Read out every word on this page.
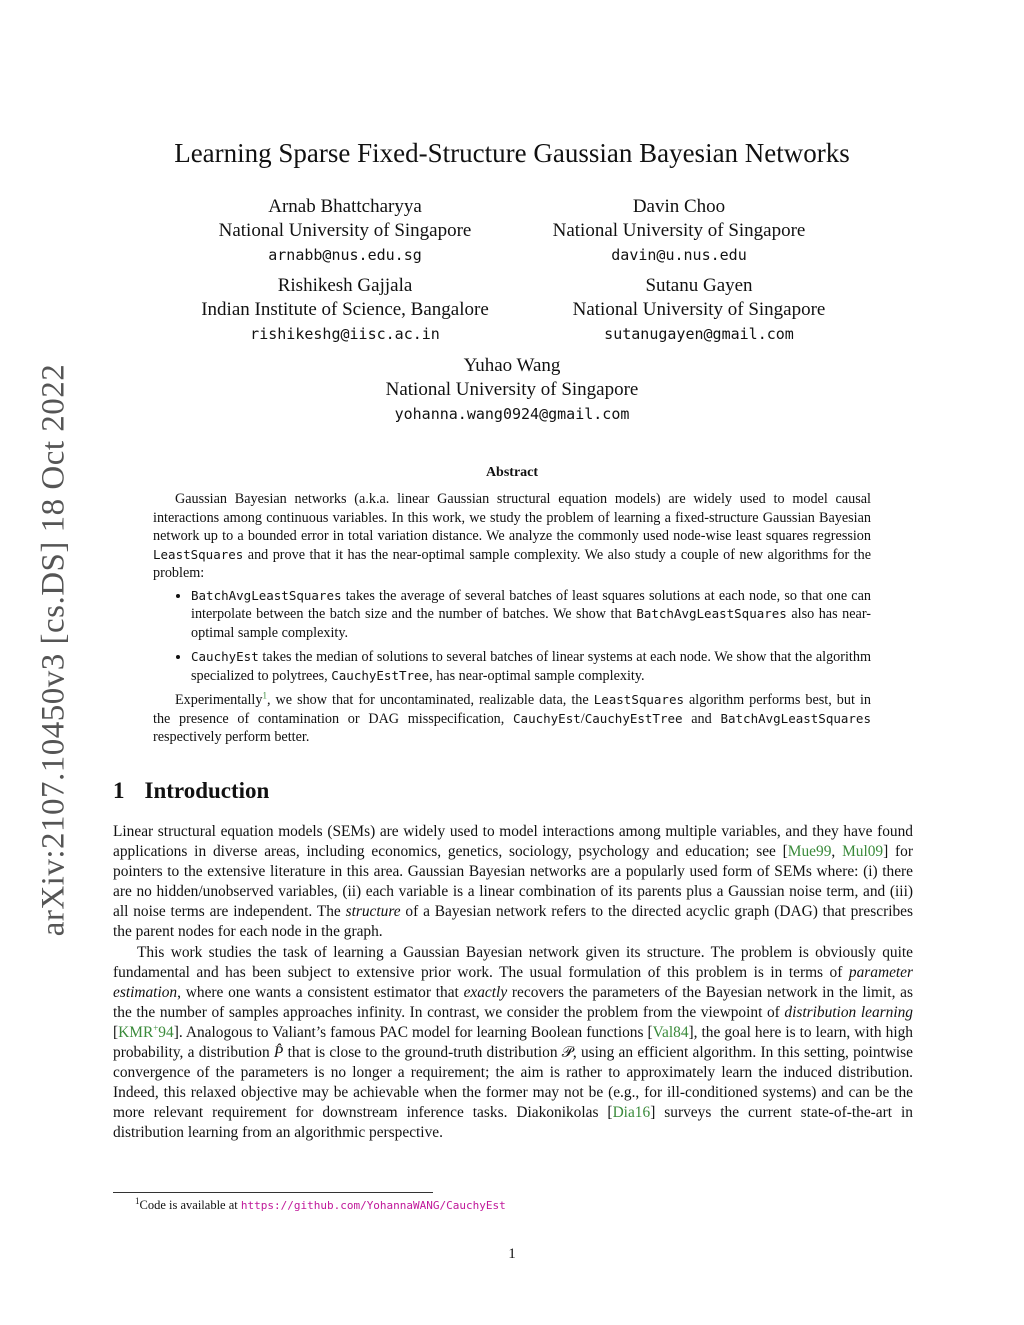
arXiv:2107.10450v3 [cs.DS] 18 Oct 2022
Learning Sparse Fixed-Structure Gaussian Bayesian Networks
Arnab Bhattcharyya
National University of Singapore
arnabb@nus.edu.sg
Davin Choo
National University of Singapore
davin@u.nus.edu
Rishikesh Gajjala
Indian Institute of Science, Bangalore
rishikeshg@iisc.ac.in
Sutanu Gayen
National University of Singapore
sutanugayen@gmail.com
Yuhao Wang
National University of Singapore
yohanna.wang0924@gmail.com
Abstract

Gaussian Bayesian networks (a.k.a. linear Gaussian structural equation models) are widely used to model causal interactions among continuous variables. In this work, we study the problem of learning a fixed-structure Gaussian Bayesian network up to a bounded error in total variation distance. We analyze the commonly used node-wise least squares regression LeastSquares and prove that it has the near-optimal sample complexity. We also study a couple of new algorithms for the problem:

• BatchAvgLeastSquares takes the average of several batches of least squares solutions at each node, so that one can interpolate between the batch size and the number of batches. We show that BatchAvgLeastSquares also has near-optimal sample complexity.
• CauchyEst takes the median of solutions to several batches of linear systems at each node. We show that the algorithm specialized to polytrees, CauchyEstTree, has near-optimal sample complexity.

Experimentally$^1$, we show that for uncontaminated, realizable data, the LeastSquares algorithm performs best, but in the presence of contamination or DAG misspecification, CauchyEst/CauchyEstTree and BatchAvgLeastSquares respectively perform better.

1 Introduction

Linear structural equation models (SEMs) are widely used to model interactions among multiple variables, and they have found applications in diverse areas, including economics, genetics, sociology, psychology and education; see [Mue99, Mul09] for pointers to the extensive literature in this area. Gaussian Bayesian networks are a popularly used form of SEMs where: (i) there are no hidden/unobserved variables, (ii) each variable is a linear combination of its parents plus a Gaussian noise term, and (iii) all noise terms are independent. The structure of a Bayesian network refers to the directed acyclic graph (DAG) that prescribes the parent nodes for each node in the graph.

This work studies the task of learning a Gaussian Bayesian network given its structure. The problem is obviously quite fundamental and has been subject to extensive prior work. The usual formulation of this problem is in terms of parameter estimation, where one wants a consistent estimator that exactly recovers the parameters of the Bayesian network in the limit, as the the number of samples approaches infinity. In contrast, we consider the problem from the viewpoint of distribution learning [KMR+94]. Analogous to Valiant’s famous PAC model for learning Boolean functions [Val84], the goal here is to learn, with high probability, a distribution P̂ that is close to the ground-truth distribution 𝒫, using an efficient algorithm. In this setting, pointwise convergence of the parameters is no longer a requirement; the aim is rather to approximately learn the induced distribution. Indeed, this relaxed objective may be achievable when the former may not be (e.g., for ill-conditioned systems) and can be the more relevant requirement for downstream inference tasks. Diakonikolas [Dia16] surveys the current state-of-the-art in distribution learning from an algorithmic perspective.

$^1$Code is available at https://github.com/YohannaWANG/CauchyEst
1
